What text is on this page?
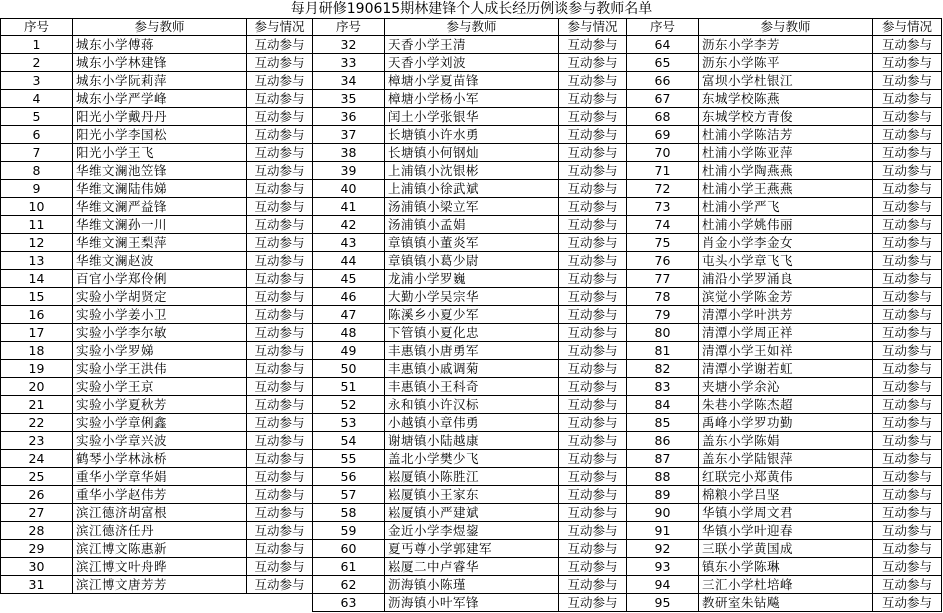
每月研修190615期林建锋个人成长经历例谈参与教师名单
序号	参与教师	参与情况	序号	参与教师	参与情况	序号	参与教师	参与情况
1	城东小学傅蒋	互动参与	32	天香小学王清	互动参与	64	沥东小学李芳	互动参与
2	城东小学林建锋	互动参与	33	天香小学刘波	互动参与	65	沥东小学陈平	互动参与
3	城东小学阮莉萍	互动参与	34	樟塘小学夏苗锋	互动参与	66	富坝小学杜银江	互动参与
4	城东小学严学峰	互动参与	35	樟塘小学杨小军	互动参与	67	东城学校陈燕	互动参与
5	阳光小学戴丹丹	互动参与	36	闰土小学张银华	互动参与	68	东城学校方青俊	互动参与
6	阳光小学李国松	互动参与	37	长塘镇小许水勇	互动参与	69	杜浦小学陈洁芳	互动参与
7	阳光小学王飞	互动参与	38	长塘镇小何钢灿	互动参与	70	杜浦小学陈亚萍	互动参与
8	华维文澜池笠锋	互动参与	39	上浦镇小沈银彬	互动参与	71	杜浦小学陶燕燕	互动参与
9	华维文澜陆伟娣	互动参与	40	上浦镇小徐武斌	互动参与	72	杜浦小学王燕燕	互动参与
10	华维文澜严益锋	互动参与	41	汤浦镇小梁立军	互动参与	73	杜浦小学严飞	互动参与
11	华维文澜孙一川	互动参与	42	汤浦镇小孟娟	互动参与	74	杜浦小学姚伟丽	互动参与
12	华维文澜王梨萍	互动参与	43	章镇镇小董炎军	互动参与	75	肖金小学李金女	互动参与
13	华维文澜赵波	互动参与	44	章镇镇小葛少尉	互动参与	76	屯头小学章飞飞	互动参与
14	百官小学郑伶俐	互动参与	45	龙浦小学罗巍	互动参与	77	浦沿小学罗涌良	互动参与
15	实验小学胡贤定	互动参与	46	大勤小学吴宗华	互动参与	78	滨觉小学陈金芳	互动参与
16	实验小学姜小卫	互动参与	47	陈溪乡小夏少军	互动参与	79	清潭小学叶洪芳	互动参与
17	实验小学李尔敏	互动参与	48	下管镇小夏化忠	互动参与	80	清潭小学周正祥	互动参与
18	实验小学罗娣	互动参与	49	丰惠镇小唐勇军	互动参与	81	清潭小学王如祥	互动参与
19	实验小学王洪伟	互动参与	50	丰惠镇小戚调菊	互动参与	82	清潭小学谢若虹	互动参与
20	实验小学王京	互动参与	51	丰惠镇小王科奇	互动参与	83	夹塘小学余沁	互动参与
21	实验小学夏秋芳	互动参与	52	永和镇小许汉标	互动参与	84	朱巷小学陈杰超	互动参与
22	实验小学章俐鑫	互动参与	53	小越镇小章伟勇	互动参与	85	禹峰小学罗功勤	互动参与
23	实验小学章兴波	互动参与	54	谢塘镇小陆越康	互动参与	86	盖东小学陈娟	互动参与
24	鹤琴小学林泳桥	互动参与	55	盖北小学樊少飞	互动参与	87	盖东小学陆银萍	互动参与
25	重华小学章华娟	互动参与	56	崧厦镇小陈胜江	互动参与	88	红联完小郑黄伟	互动参与
26	重华小学赵伟芳	互动参与	57	崧厦镇小王家东	互动参与	89	棉粮小学吕坚	互动参与
27	滨江德济胡富根	互动参与	58	崧厦镇小严建斌	互动参与	90	华镇小学周文君	互动参与
28	滨江德济任丹	互动参与	59	金近小学李煜鋆	互动参与	91	华镇小学叶迎春	互动参与
29	滨江博文陈惠新	互动参与	60	夏丐尊小学郭建军	互动参与	92	三联小学黄国成	互动参与
30	滨江博文叶舟晔	互动参与	61	崧厦二中卢睿华	互动参与	93	镇东小学陈琳	互动参与
31	滨江博文唐芳芳	互动参与	62	沥海镇小陈瑾	互动参与	94	三汇小学杜培峰	互动参与
			63	沥海镇小叶军锋	互动参与	95	教研室朱钻飚	互动参与
